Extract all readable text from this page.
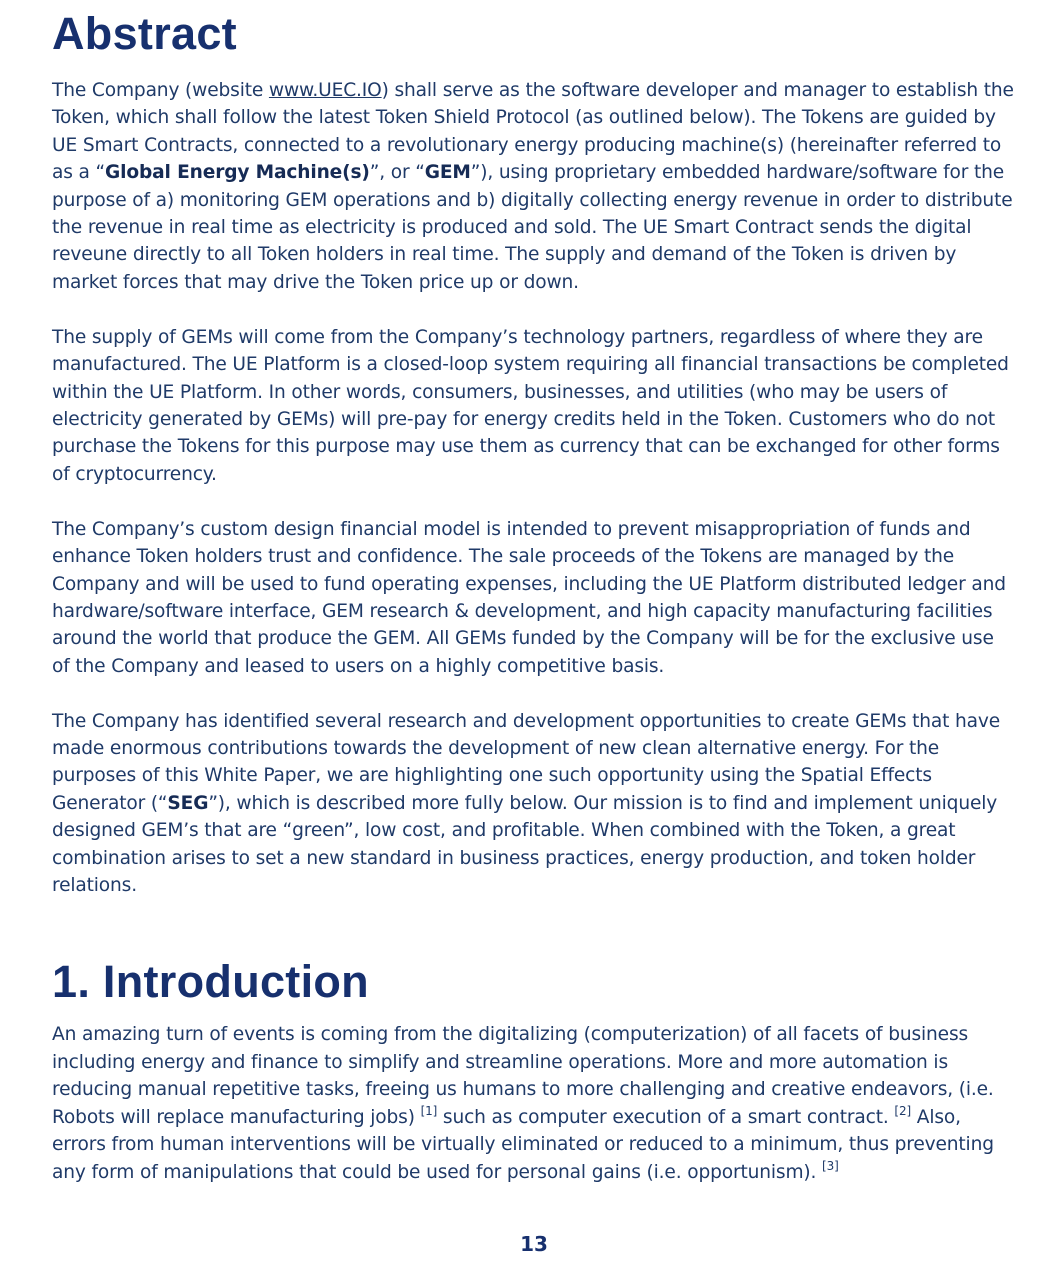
Abstract

The Company (website www.UEC.IO) shall serve as the software developer and manager to establish the Token, which shall follow the latest Token Shield Protocol (as outlined below). The Tokens are guided by UE Smart Contracts, connected to a revolutionary energy producing machine(s) (hereinafter referred to as a “Global Energy Machine(s)”, or “GEM”), using proprietary embedded hardware/software for the purpose of a) monitoring GEM operations and b) digitally collecting energy revenue in order to distribute the revenue in real time as electricity is produced and sold. The UE Smart Contract sends the digital reveune directly to all Token holders in real time. The supply and demand of the Token is driven by market forces that may drive the Token price up or down.

The supply of GEMs will come from the Company’s technology partners, regardless of where they are manufactured. The UE Platform is a closed-loop system requiring all financial transactions be completed within the UE Platform. In other words, consumers, businesses, and utilities (who may be users of electricity generated by GEMs) will pre-pay for energy credits held in the Token. Customers who do not purchase the Tokens for this purpose may use them as currency that can be exchanged for other forms of cryptocurrency.

The Company’s custom design financial model is intended to prevent misappropriation of funds and enhance Token holders trust and confidence. The sale proceeds of the Tokens are managed by the Company and will be used to fund operating expenses, including the UE Platform distributed ledger and hardware/software interface, GEM research & development, and high capacity manufacturing facilities around the world that produce the GEM. All GEMs funded by the Company will be for the exclusive use of the Company and leased to users on a highly competitive basis.

The Company has identified several research and development opportunities to create GEMs that have made enormous contributions towards the development of new clean alternative energy. For the purposes of this White Paper, we are highlighting one such opportunity using the Spatial Effects Generator (“SEG”), which is described more fully below. Our mission is to find and implement uniquely designed GEM’s that are “green”, low cost, and profitable. When combined with the Token, a great combination arises to set a new standard in business practices, energy production, and token holder relations.

1. Introduction

An amazing turn of events is coming from the digitalizing (computerization) of all facets of business including energy and finance to simplify and streamline operations. More and more automation is reducing manual repetitive tasks, freeing us humans to more challenging and creative endeavors, (i.e. Robots will replace manufacturing jobs) [1] such as computer execution of a smart contract. [2] Also, errors from human interventions will be virtually eliminated or reduced to a minimum, thus preventing any form of manipulations that could be used for personal gains (i.e. opportunism). [3]

13
